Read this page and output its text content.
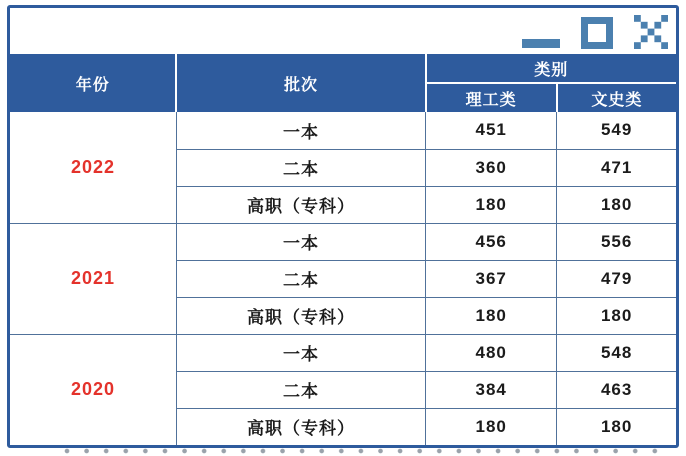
年份	批次	类别	
		理工类	文史类
2022	一本	451	549
	二本	360	471
	高职（专科）	180	180
2021	一本	456	556
	二本	367	479
	高职（专科）	180	180
2020	一本	480	548
	二本	384	463
	高职（专科）	180	180
